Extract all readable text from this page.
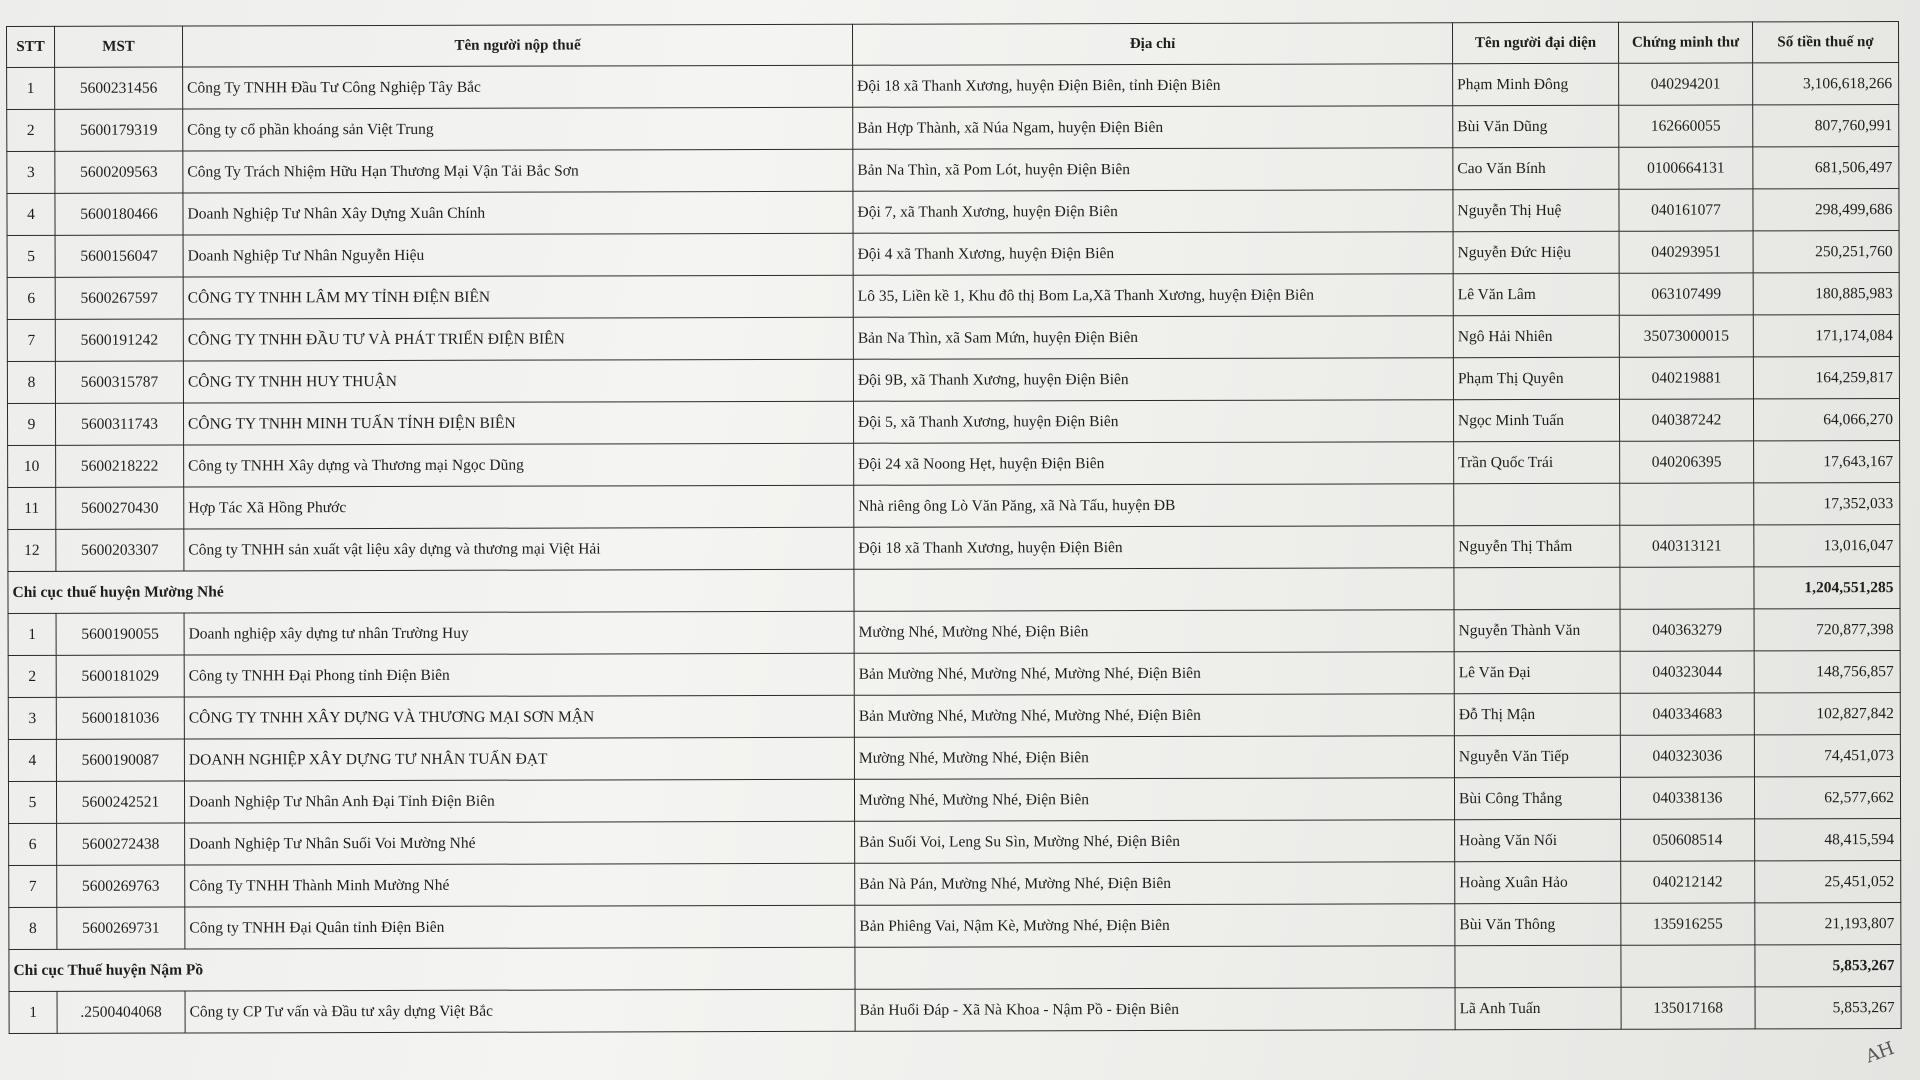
STT	MST	Tên người nộp thuế	Địa chỉ	Tên người đại diện	Chứng minh thư	Số tiền thuế nợ
1	5600231456	Công Ty TNHH Đầu Tư Công Nghiệp Tây Bắc	Đội 18 xã Thanh Xương, huyện Điện Biên, tỉnh Điện Biên	Phạm Minh Đông	040294201	3,106,618,266
2	5600179319	Công ty cổ phần khoáng sản Việt Trung	Bản Hợp Thành, xã Núa Ngam, huyện Điện Biên	Bùi Văn Dũng	162660055	807,760,991
3	5600209563	Công Ty Trách Nhiệm Hữu Hạn Thương Mại Vận Tải Bắc Sơn	Bản Na Thìn, xã Pom Lót, huyện Điện Biên	Cao Văn Bính	0100664131	681,506,497
4	5600180466	Doanh Nghiệp Tư Nhân Xây Dựng Xuân Chính	Đội 7, xã Thanh Xương, huyện Điện Biên	Nguyễn Thị Huệ	040161077	298,499,686
5	5600156047	Doanh Nghiệp Tư Nhân Nguyễn Hiệu	Đội 4 xã Thanh Xương, huyện Điện Biên	Nguyễn Đức Hiệu	040293951	250,251,760
6	5600267597	CÔNG TY TNHH LÂM MY TỈNH ĐIỆN BIÊN	Lô 35, Liền kề 1, Khu đô thị Bom La,Xã Thanh Xương, huyện Điện Biên	Lê Văn Lâm	063107499	180,885,983
7	5600191242	CÔNG TY TNHH ĐẦU TƯ VÀ PHÁT TRIỂN ĐIỆN BIÊN	Bản Na Thìn, xã Sam Mứn, huyện Điện Biên	Ngô Hải Nhiên	35073000015	171,174,084
8	5600315787	CÔNG TY TNHH HUY THUẬN	Đội 9B, xã Thanh Xương, huyện Điện Biên	Phạm Thị Quyên	040219881	164,259,817
9	5600311743	CÔNG TY TNHH MINH TUẤN TỈNH ĐIỆN BIÊN	Đội 5, xã Thanh Xương, huyện Điện Biên	Ngọc Minh Tuấn	040387242	64,066,270
10	5600218222	Công ty TNHH Xây dựng và Thương mại Ngọc Dũng	Đội 24 xã Noong Hẹt, huyện Điện Biên	Trần Quốc Trái	040206395	17,643,167
11	5600270430	Hợp Tác Xã Hồng Phước	Nhà riêng ông Lò Văn Păng, xã Nà Tấu, huyện ĐB			17,352,033
12	5600203307	Công ty TNHH sản xuất vật liệu xây dựng và thương mại Việt Hải	Đội 18 xã Thanh Xương, huyện Điện Biên	Nguyễn Thị Thắm	040313121	13,016,047
Chi cục thuế huyện Mường Nhé						1,204,551,285
1	5600190055	Doanh nghiệp xây dựng tư nhân Trường Huy	Mường Nhé, Mường Nhé, Điện Biên	Nguyễn Thành Văn	040363279	720,877,398
2	5600181029	Công ty TNHH Đại Phong tỉnh Điện Biên	Bản Mường Nhé, Mường Nhé, Mường Nhé, Điện Biên	Lê Văn Đại	040323044	148,756,857
3	5600181036	CÔNG TY TNHH XÂY DỰNG VÀ THƯƠNG MẠI SƠN MẬN	Bản Mường Nhé, Mường Nhé, Mường Nhé, Điện Biên	Đỗ Thị Mận	040334683	102,827,842
4	5600190087	DOANH NGHIỆP XÂY DỰNG TƯ NHÂN TUẤN ĐẠT	Mường Nhé, Mường Nhé, Điện Biên	Nguyễn Văn Tiếp	040323036	74,451,073
5	5600242521	Doanh Nghiệp Tư Nhân Anh Đại Tỉnh Điện Biên	Mường Nhé, Mường Nhé, Điện Biên	Bùi Công Thắng	040338136	62,577,662
6	5600272438	Doanh Nghiệp Tư Nhân Suối Voi Mường Nhé	Bản Suối Voi, Leng Su Sìn, Mường Nhé, Điện Biên	Hoàng Văn Nối	050608514	48,415,594
7	5600269763	Công Ty TNHH Thành Minh Mường Nhé	Bản Nà Pán, Mường Nhé, Mường Nhé, Điện Biên	Hoàng Xuân Hảo	040212142	25,451,052
8	5600269731	Công ty TNHH Đại Quân tỉnh Điện Biên	Bản Phiêng Vai, Nậm Kè, Mường Nhé, Điện Biên	Bùi Văn Thông	135916255	21,193,807
Chi cục Thuế huyện Nậm Pồ						5,853,267
1	.2500404068	Công ty CP Tư vấn và Đầu tư xây dựng Việt Bắc	Bản Huổi Đáp - Xã Nà Khoa - Nậm Pồ - Điện Biên	Lã Anh Tuấn	135017168	5,853,267
AH
